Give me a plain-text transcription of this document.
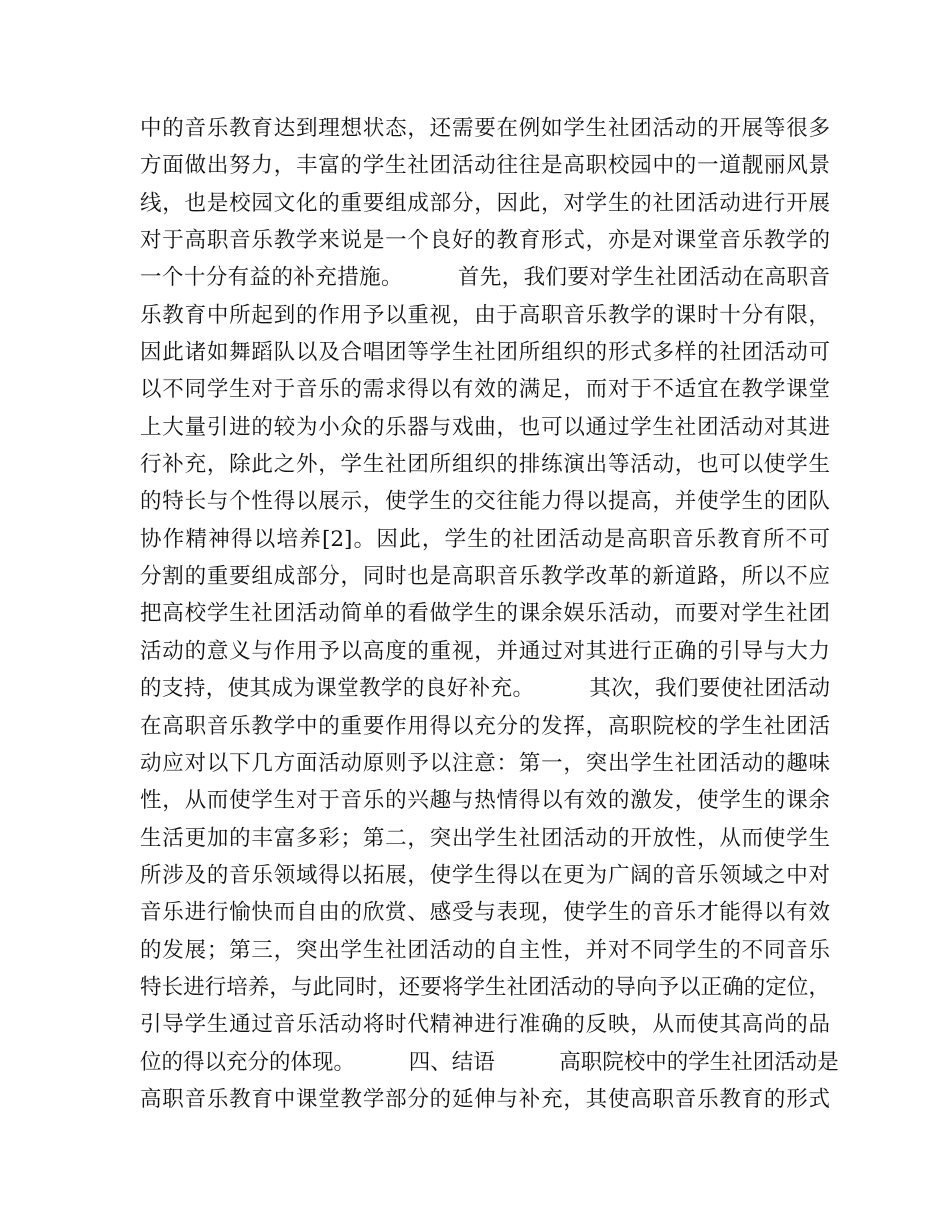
中的音乐教育达到理想状态，还需要在例如学生社团活动的开展等很多
方面做出努力，丰富的学生社团活动往往是高职校园中的一道靓丽风景
线，也是校园文化的重要组成部分，因此，对学生的社团活动进行开展
对于高职音乐教学来说是一个良好的教育形式，亦是对课堂音乐教学的
一个十分有益的补充措施。　　　首先，我们要对学生社团活动在高职音
乐教育中所起到的作用予以重视，由于高职音乐教学的课时十分有限，
因此诸如舞蹈队以及合唱团等学生社团所组织的形式多样的社团活动可
以不同学生对于音乐的需求得以有效的满足，而对于不适宜在教学课堂
上大量引进的较为小众的乐器与戏曲，也可以通过学生社团活动对其进
行补充，除此之外，学生社团所组织的排练演出等活动，也可以使学生
的特长与个性得以展示，使学生的交往能力得以提高，并使学生的团队
协作精神得以培养[2]。因此，学生的社团活动是高职音乐教育所不可
分割的重要组成部分，同时也是高职音乐教学改革的新道路，所以不应
把高校学生社团活动简单的看做学生的课余娱乐活动，而要对学生社团
活动的意义与作用予以高度的重视，并通过对其进行正确的引导与大力
的支持，使其成为课堂教学的良好补充。　　　其次，我们要使社团活动
在高职音乐教学中的重要作用得以充分的发挥，高职院校的学生社团活
动应对以下几方面活动原则予以注意：第一，突出学生社团活动的趣味
性，从而使学生对于音乐的兴趣与热情得以有效的激发，使学生的课余
生活更加的丰富多彩；第二，突出学生社团活动的开放性，从而使学生
所涉及的音乐领域得以拓展，使学生得以在更为广阔的音乐领域之中对
音乐进行愉快而自由的欣赏、感受与表现，使学生的音乐才能得以有效
的发展；第三，突出学生社团活动的自主性，并对不同学生的不同音乐
特长进行培养，与此同时，还要将学生社团活动的导向予以正确的定位，
引导学生通过音乐活动将时代精神进行准确的反映，从而使其高尚的品
位的得以充分的体现。　　　四、结语　　　高职院校中的学生社团活动是
高职音乐教育中课堂教学部分的延伸与补充，其使高职音乐教育的形式
